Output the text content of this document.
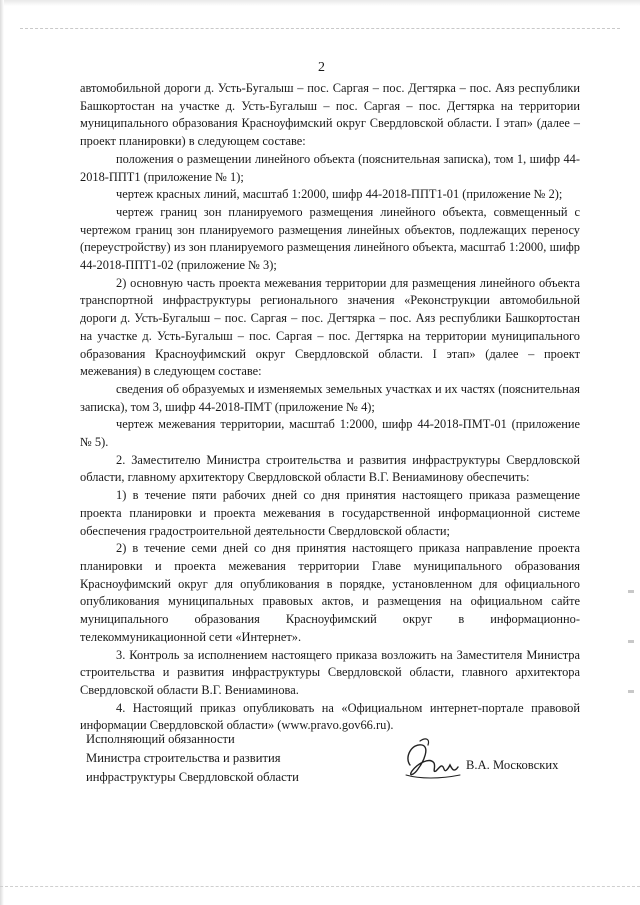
2

автомобильной дороги д. Усть-Бугалыш – пос. Саргая – пос. Дегтярка – пос. Аяз республики Башкортостан на участке д. Усть-Бугалыш – пос. Саргая – пос. Дегтярка на территории муниципального образования Красноуфимский округ Свердловской области. I этап» (далее – проект планировки) в следующем составе:

положения о размещении линейного объекта (пояснительная записка), том 1, шифр 44-2018-ППТ1 (приложение № 1);

чертеж красных линий, масштаб 1:2000, шифр 44-2018-ППТ1-01 (приложение № 2);

чертеж границ зон планируемого размещения линейного объекта, совмещенный с чертежом границ зон планируемого размещения линейных объектов, подлежащих переносу (переустройству) из зон планируемого размещения линейного объекта, масштаб 1:2000, шифр 44-2018-ППТ1-02 (приложение № 3);

2) основную часть проекта межевания территории для размещения линейного объекта транспортной инфраструктуры регионального значения «Реконструкции автомобильной дороги д. Усть-Бугалыш – пос. Саргая – пос. Дегтярка – пос. Аяз республики Башкортостан на участке д. Усть-Бугалыш – пос. Саргая – пос. Дегтярка на территории муниципального образования Красноуфимский округ Свердловской области. I этап» (далее – проект межевания) в следующем составе:

сведения об образуемых и изменяемых земельных участках и их частях (пояснительная записка), том 3, шифр 44-2018-ПМТ (приложение № 4);

чертеж межевания территории, масштаб 1:2000, шифр 44-2018-ПМТ-01 (приложение № 5).

2. Заместителю Министра строительства и развития инфраструктуры Свердловской области, главному архитектору Свердловской области В.Г. Вениаминову обеспечить:

1) в течение пяти рабочих дней со дня принятия настоящего приказа размещение проекта планировки и проекта межевания в государственной информационной системе обеспечения градостроительной деятельности Свердловской области;

2) в течение семи дней со дня принятия настоящего приказа направление проекта планировки и проекта межевания территории Главе муниципального образования Красноуфимский округ для опубликования в порядке, установленном для официального опубликования муниципальных правовых актов, и размещения на официальном сайте муниципального образования Красноуфимский округ в информационно-телекоммуникационной сети «Интернет».

3. Контроль за исполнением настоящего приказа возложить на Заместителя Министра строительства и развития инфраструктуры Свердловской области, главного архитектора Свердловской области В.Г. Вениаминова.

4. Настоящий приказ опубликовать на «Официальном интернет-портале правовой информации Свердловской области» (www.pravo.gov66.ru).

Исполняющий обязанности
Министра строительства и развития
инфраструктуры Свердловской области
В.А. Московских
